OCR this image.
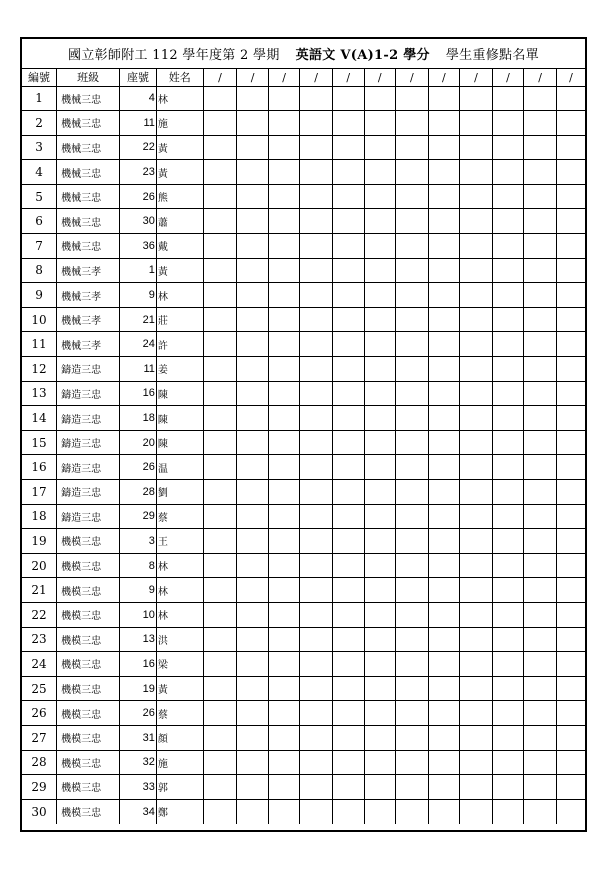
國立彰師附工 112 學年度第 2 學期 英語文 V(A)1-2 學分 學生重修點名單
編號	班級	座號	姓名	/	/	/	/	/	/	/	/	/	/	/	/
1	機械三忠	4	林												
2	機械三忠	11	施												
3	機械三忠	22	黃												
4	機械三忠	23	黃												
5	機械三忠	26	熊												
6	機械三忠	30	蕭												
7	機械三忠	36	戴												
8	機械三孝	1	黃												
9	機械三孝	9	林												
10	機械三孝	21	莊												
11	機械三孝	24	許												
12	鑄造三忠	11	姜												
13	鑄造三忠	16	陳												
14	鑄造三忠	18	陳												
15	鑄造三忠	20	陳												
16	鑄造三忠	26	温												
17	鑄造三忠	28	劉												
18	鑄造三忠	29	蔡												
19	機模三忠	3	王												
20	機模三忠	8	林												
21	機模三忠	9	林												
22	機模三忠	10	林												
23	機模三忠	13	洪												
24	機模三忠	16	梁												
25	機模三忠	19	黃												
26	機模三忠	26	蔡												
27	機模三忠	31	顏												
28	機模三忠	32	施												
29	機模三忠	33	郭												
30	機模三忠	34	鄭												
